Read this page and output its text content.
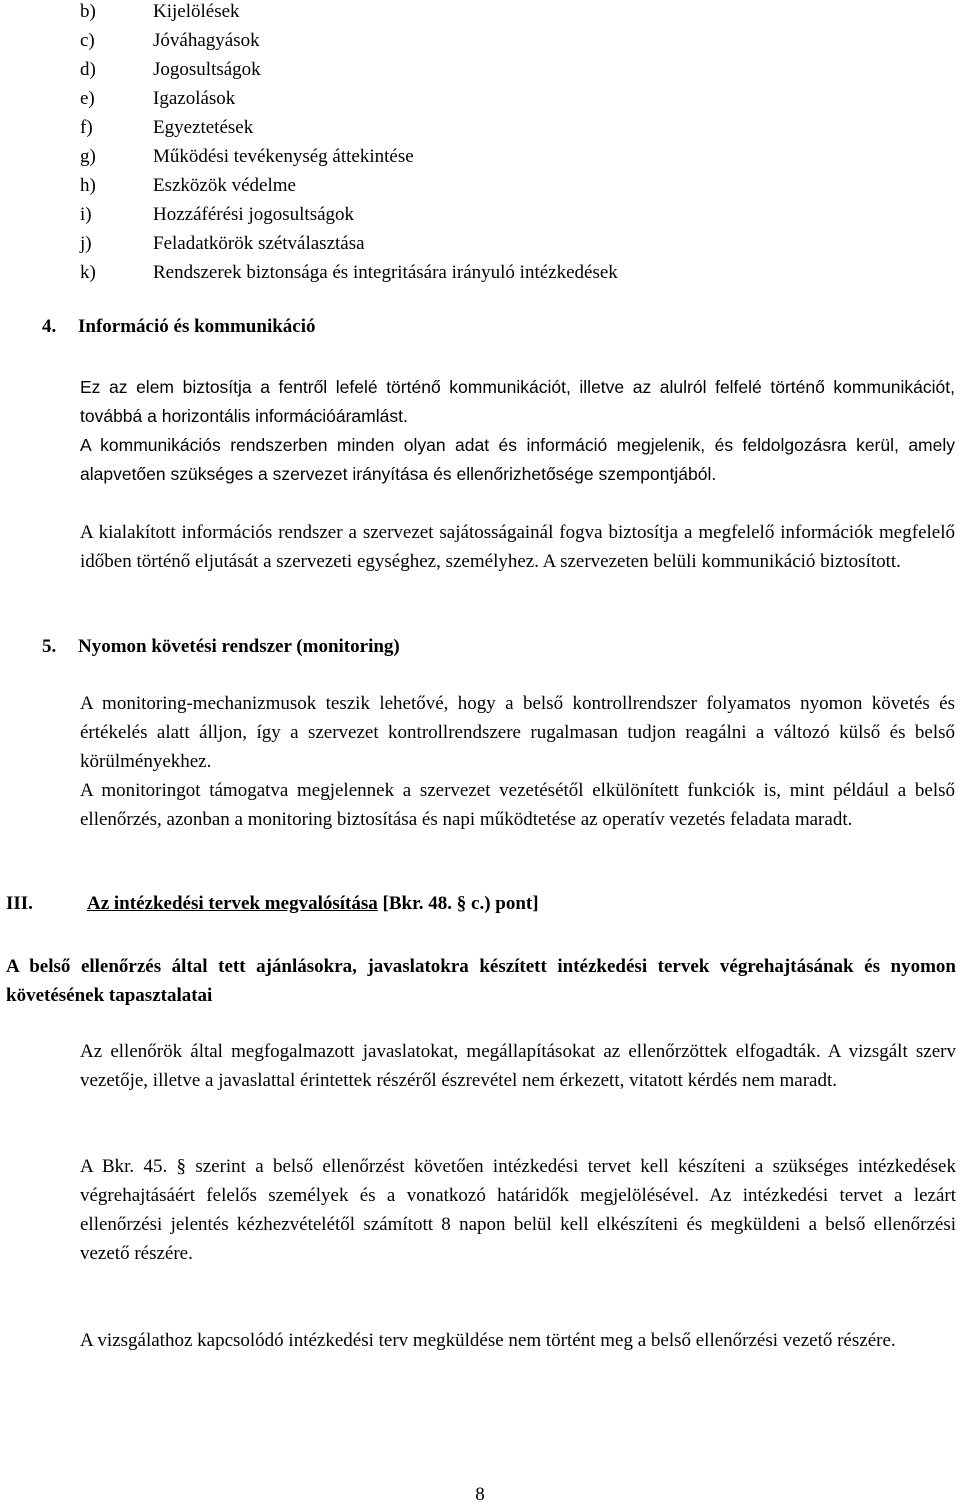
b)	Kijelölések
c)	Jóváhagyások
d)	Jogosultságok
e)	Igazolások
f)	Egyeztetések
g)	Működési tevékenység áttekintése
h)	Eszközök védelme
i)	Hozzáférési jogosultságok
j)	Feladatkörök szétválasztása
k)	Rendszerek biztonsága és integritására irányuló intézkedések
4. Információ és kommunikáció

Ez az elem biztosítja a fentről lefelé történő kommunikációt, illetve az alulról felfelé történő kommunikációt, továbbá a horizontális információáramlást.

A kommunikációs rendszerben minden olyan adat és információ megjelenik, és feldolgozásra kerül, amely alapvetően szükséges a szervezet irányítása és ellenőrizhetősége szempontjából.

A kialakított információs rendszer a szervezet sajátosságainál fogva biztosítja a megfelelő információk megfelelő időben történő eljutását a szervezeti egységhez, személyhez. A szervezeten belüli kommunikáció biztosított.

5. Nyomon követési rendszer (monitoring)

A monitoring-mechanizmusok teszik lehetővé, hogy a belső kontrollrendszer folyamatos nyomon követés és értékelés alatt álljon, így a szervezet kontrollrendszere rugalmasan tudjon reagálni a változó külső és belső körülményekhez.

A monitoringot támogatva megjelennek a szervezet vezetésétől elkülönített funkciók is, mint például a belső ellenőrzés, azonban a monitoring biztosítása és napi működtetése az operatív vezetés feladata maradt.

III.	Az intézkedési tervek megvalósítása [Bkr. 48. § c.) pont]

A belső ellenőrzés által tett ajánlásokra, javaslatokra készített intézkedési tervek végrehajtásának és nyomon követésének tapasztalatai

Az ellenőrök által megfogalmazott javaslatokat, megállapításokat az ellenőrzöttek elfogadták. A vizsgált szerv vezetője, illetve a javaslattal érintettek részéről észrevétel nem érkezett, vitatott kérdés nem maradt.

A Bkr. 45. § szerint a belső ellenőrzést követően intézkedési tervet kell készíteni a szükséges intézkedések végrehajtásáért felelős személyek és a vonatkozó határidők megjelölésével. Az intézkedési tervet a lezárt ellenőrzési jelentés kézhezvételétől számított 8 napon belül kell elkészíteni és megküldeni a belső ellenőrzési vezető részére.

A vizsgálathoz kapcsolódó intézkedési terv megküldése nem történt meg a belső ellenőrzési vezető részére.

8
